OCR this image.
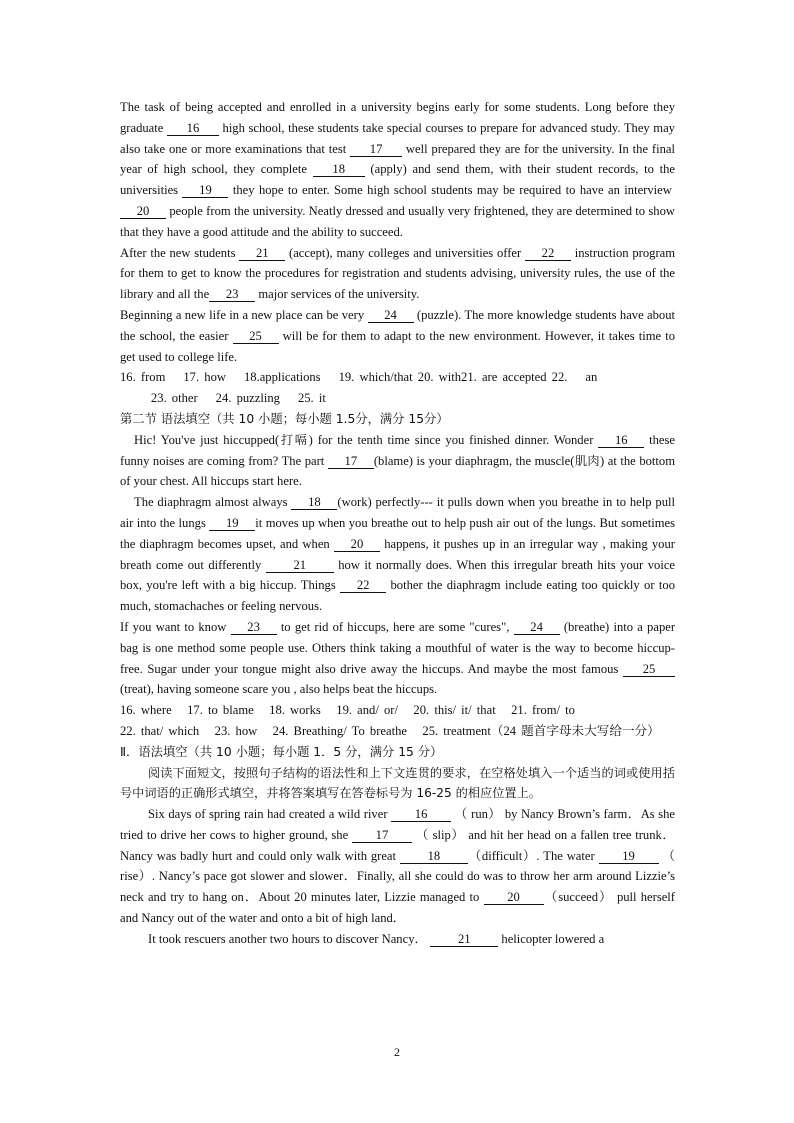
The task of being accepted and enrolled in a university begins early for some students. Long before they graduate 16 high school, these students take special courses to prepare for advanced study. They may also take one or more examinations that test 17 well prepared they are for the university. In the final year of high school, they complete 18 (apply) and send them, with their student records, to the universities 19 they hope to enter. Some high school students may be required to have an interview 20 people from the university. Neatly dressed and usually very frightened, they are determined to show that they have a good attitude and the ability to succeed.

After the new students 21 (accept), many colleges and universities offer 22 instruction program for them to get to know the procedures for registration and students advising, university rules, the use of the library and all the 23 major services of the university.

Beginning a new life in a new place can be very 24 (puzzle). The more knowledge students have about the school, the easier 25 will be for them to adapt to the new environment. However, it takes time to get used to college life.

16. from 17. how 18.applications 19. which/that 20. with21. are accepted 22. an
23. other 24. puzzling 25. it

第二节 语法填空（共 10 小题；每小题 1.5分，满分 15分）

Hic! You've just hiccupped(打嗝) for the tenth time since you finished dinner. Wonder 16 these funny noises are coming from? The part 17 (blame) is your diaphragm, the muscle(肌肉) at the bottom of your chest. All hiccups start here.

The diaphragm almost always 18 (work) perfectly--- it pulls down when you breathe in to help pull air into the lungs 19 it moves up when you breathe out to help push air out of the lungs. But sometimes the diaphragm becomes upset, and when 20 happens, it pushes up in an irregular way , making your breath come out differently	21	how it normally does. When this irregular breath hits your voice box, you're left with a big hiccup. Things 22 bother the diaphragm include eating too quickly or too much, stomachaches or feeling nervous.

If you want to know 23 to get rid of hiccups, here are some "cures", 24 (breathe) into a paper bag is one method some people use. Others think taking a mouthful of water is the way to become hiccup-free. Sugar under your tongue might also drive away the hiccups. And maybe the most famous 25(treat), having someone scare you , also helps beat the hiccups.

16. where   17. to blame   18. works   19. and/ or/   20. this/ it/ that   21. from/ to

22. that/ which   23. how   24. Breathing/ To breathe   25. treatment（24 题首字母未大写给一分）

Ⅱ．语法填空（共 10 小题；每小题 1．5 分，满分 15 分）

阅读下面短文，按照句子结构的语法性和上下文连贯的要求，在空格处填入一个适当的词或使用括号中词语的正确形式填空，并将答案填写在答卷标号为 16-25 的相应位置上。

Six days of spring rain had created a wild river 16 （ run） by Nancy Brown’s farm．As she tried to drive her cows to higher ground, she 17 （ slip） and hit her head on a fallen tree trunk． Nancy was badly hurt and could only walk with great	18 （difficult）. The water 19 （ rise）. Nancy’s pace got slower and slower．Finally, all she could do was to throw her arm around Lizzie’s neck and try to hang on．About 20 minutes later, Lizzie managed to 20 （succeed） pull herself and Nancy out of the water and onto a bit of high land．

It took rescuers another two hours to discover Nancy． 21 helicopter lowered a

2
